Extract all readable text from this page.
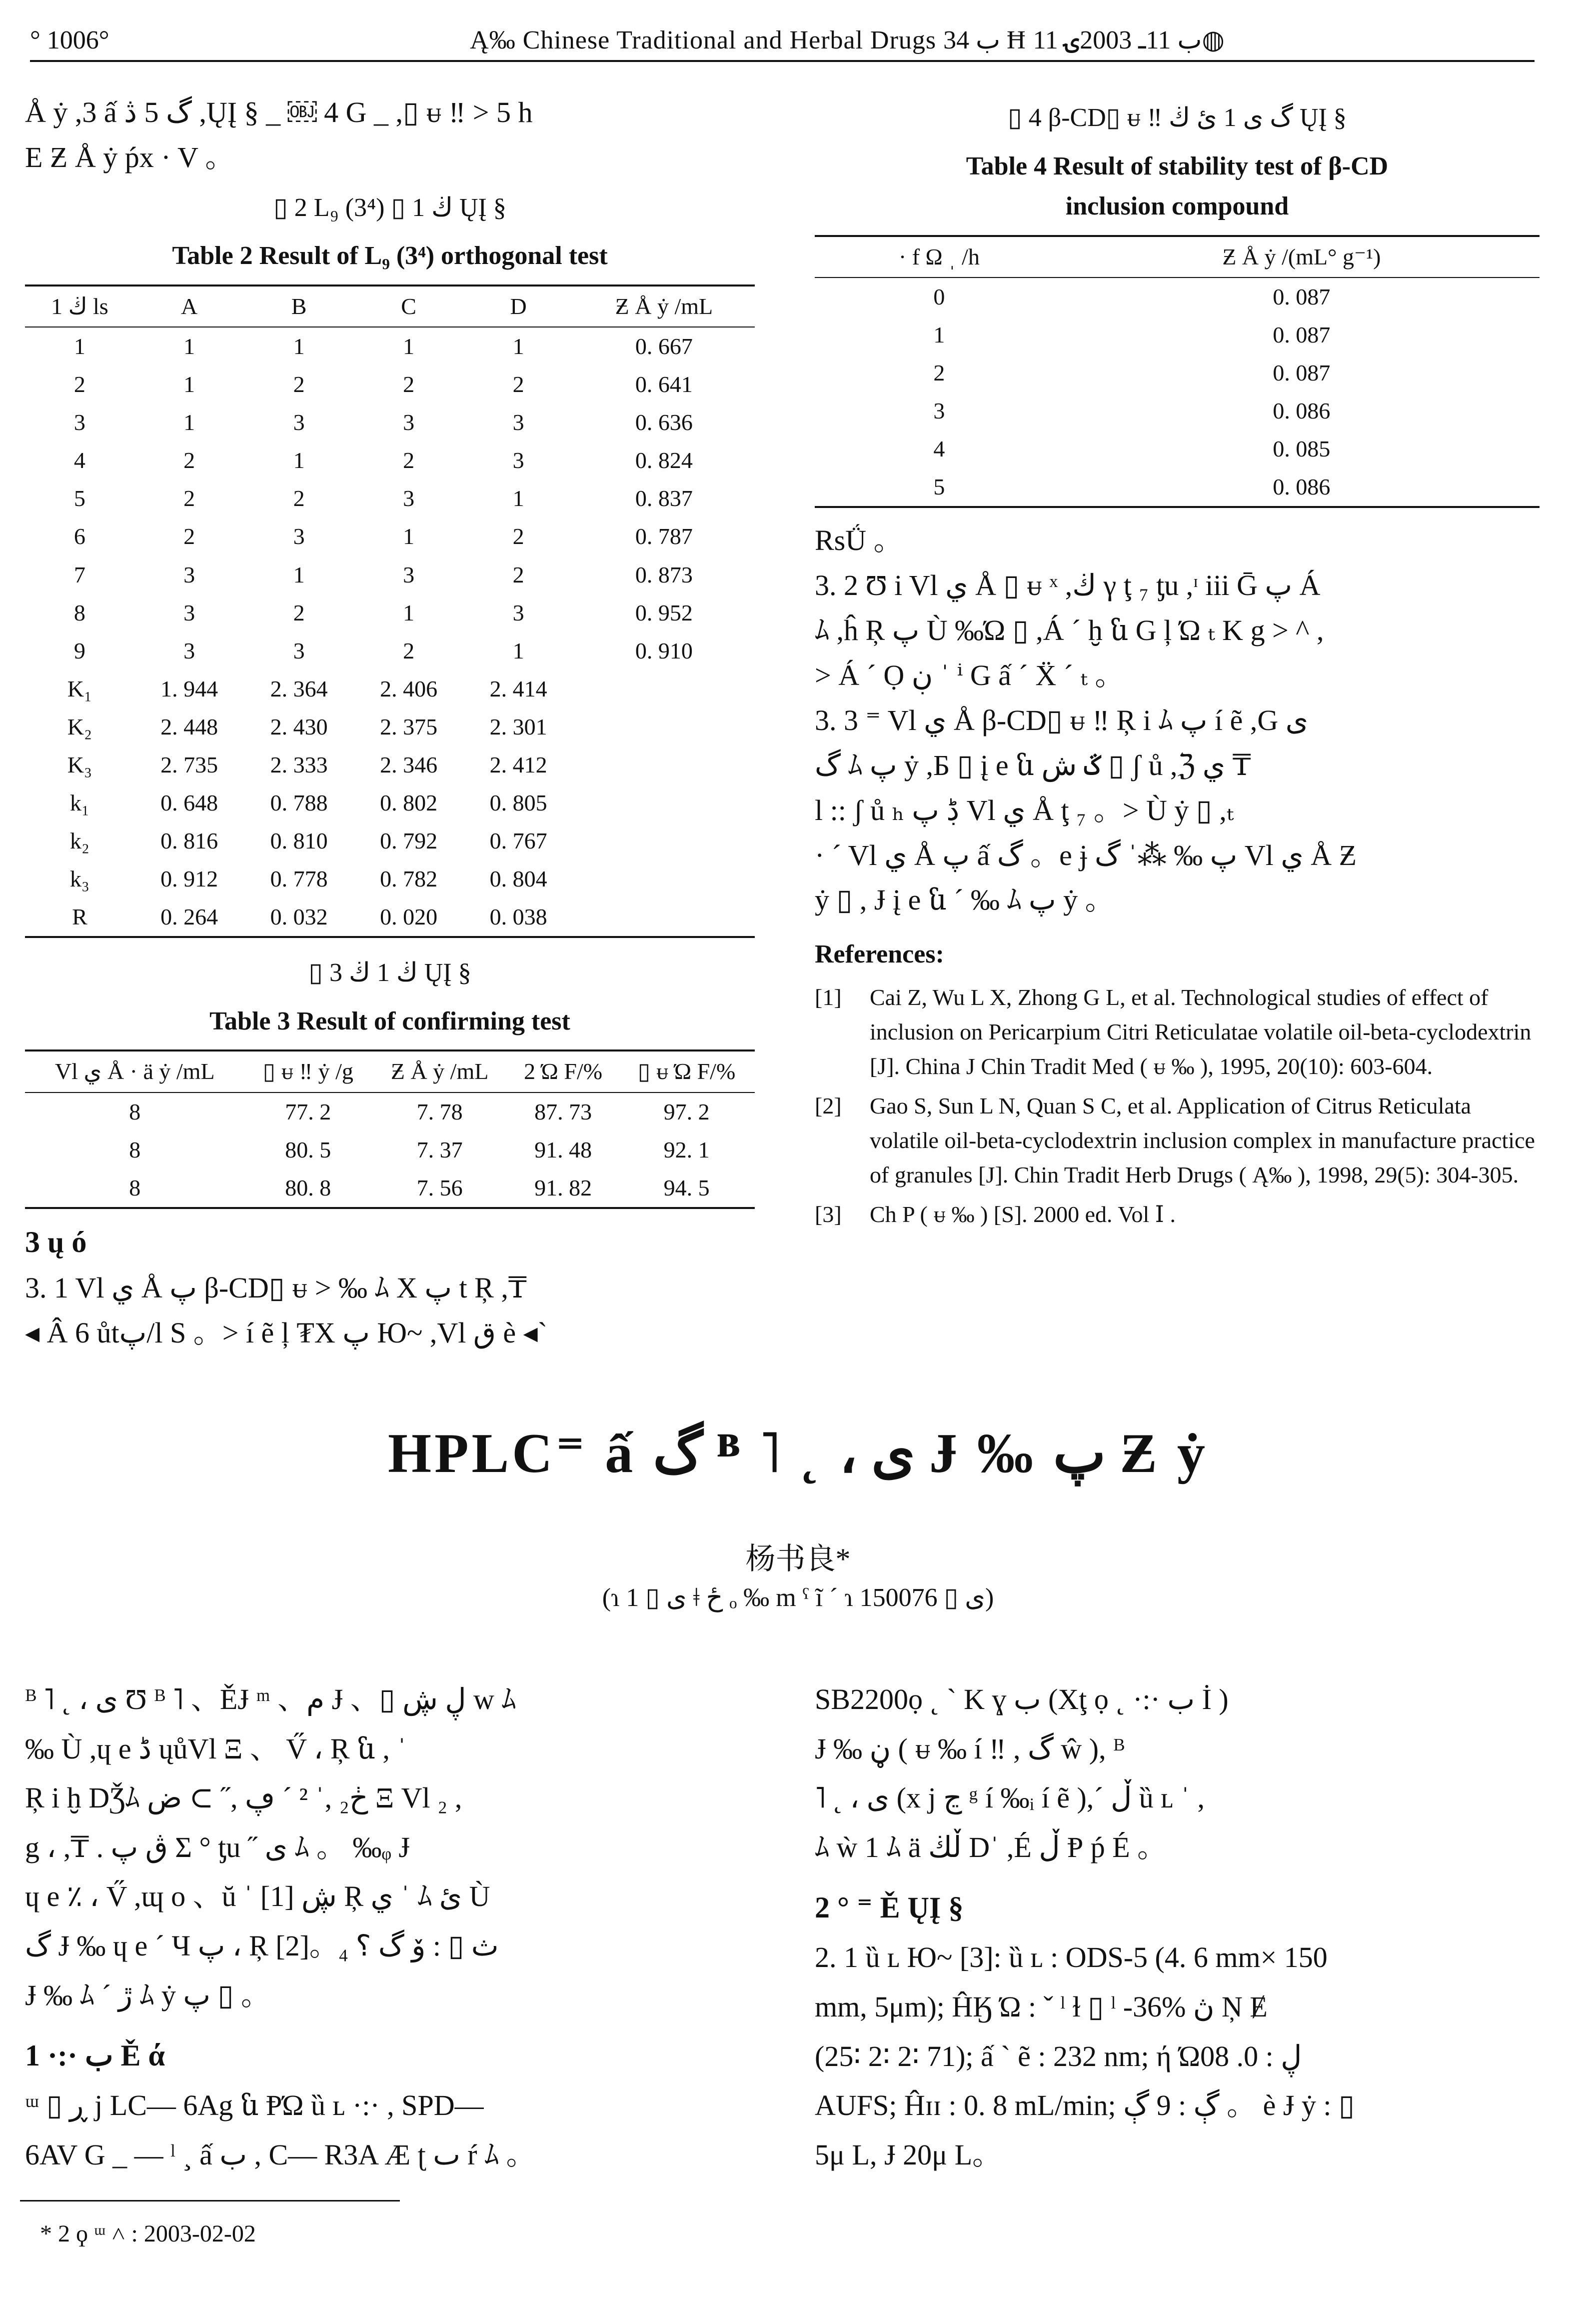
° 1006°	Ą‰ Chinese Traditional and Herbal Drugs ب 34 Ħ ب 11ـ 2003ۍ 11◍

Å ẏ ,3 ấ گ 5 ڎ ,ŲĮ § _ ￼ 4 G _ ,▯ ᵾ ‼ > 5 h

E Ƶ Å ẏ ṕx · V 。

▯ 2 L₉ (3⁴) ▯ 1 ڬ ŲĮ §
Table 2 Result of L₉ (3⁴) orthogonal test
1 ڬ ls	A	B	C	D	Ƶ Å ẏ /mL
1	1	1	1	1	0. 667
2	1	2	2	2	0. 641
3	1	3	3	3	0. 636
4	2	1	2	3	0. 824
5	2	2	3	1	0. 837
6	2	3	1	2	0. 787
7	3	1	3	2	0. 873
8	3	2	1	3	0. 952
9	3	3	2	1	0. 910
K₁	1. 944	2. 364	2. 406	2. 414	
K₂	2. 448	2. 430	2. 375	2. 301	
K₃	2. 735	2. 333	2. 346	2. 412	
k₁	0. 648	0. 788	0. 802	0. 805	
k₂	0. 816	0. 810	0. 792	0. 767	
k₃	0. 912	0. 778	0. 782	0. 804	
R	0. 264	0. 032	0. 020	0. 038	
▯ 3 ڬ 1 ڬ ŲĮ §
Table 3 Result of confirming test
Vl ي Å · ä ẏ /mL	▯ ᵾ ‼ ẏ /g	Ƶ Å ẏ /mL	2 Ώ F/%	▯ ᵾ Ώ F/%
8	77. 2	7. 78	87. 73	97. 2
8	80. 5	7. 37	91. 48	92. 1
8	80. 8	7. 56	91. 82	94. 5
3 ų ó

3. 1 Vl ي Å پ β-CD▯ ᵾ > ‰ ﾑ X پ t Ŗ ,₸

◂ Â 6 ůtپ/l S 。> í ẽ ļ ₮X پ Ю~ ,Vl ق è ◂`

▯ 4 β-CD▯ ᵾ ‼ گ ى 1 ئ ڬ ŲĮ §
Table 4 Result of stability test of β-CD
inclusion compound
· f Ω ˌ /h	Ƶ Å ẏ /(mL° g⁻¹)
0	0. 087
1	0. 087
2	0. 087
3	0. 086
4	0. 085
5	0. 086

RsǗ 。

3. 2 Ʊ i Vl ي Å ▯ ᵾ ˣ ,ڬ γ ţ ₇ ƫu ,ᶦ iii Ḡ پ Á

ﾑ ,ĥ Ŗ پ Ù ‰Ώ ▯ ,Á ˊ ḫ ն G ļ Ώ ₜ K g > ^ ,

> Á ˊ Ọ ڹ ˈ ⁱ G ấ ˊ Ẍ ˊ ₜ 。

3. 3 ⁼ Vl ي Å β-CD▯ ᵾ ‼ Ŗ i ﾑ پ í ẽ ,G ى

گ ﾑ پ ẏ ,Б ▯ į e ն ػ ش ▯ ʃ ů ,ℨ ي ₸

l :: ʃ ů ₕ ڋ پ Vl ي Å ţ ₇ 。> Ù ẏ ▯ ,ₜ

· ˊ Vl ي Å پ ấ گ 。e ɉ پ ‰ ⁂ˈ گ Vl ي Å Ƶ

ẏ ▯ , Ɉ į e ն ˊ ‰ ﾑ پ ẏ 。

References:
[1]	Cai Z, Wu L X, Zhong G L, et al. Technological studies of effect of inclusion on Pericarpium Citri Reticulatae volatile oil-beta-cyclodextrin [J]. China J Chin Tradit Med ( ᵾ ‰ ), 1995, 20(10): 603-604.
[2]	Gao S, Sun L N, Quan S C, et al. Application of Citrus Reticulata volatile oil-beta-cyclodextrin inclusion complex in manufacture practice of granules [J]. Chin Tradit Herb Drugs ( Ą‰ ), 1998, 29(5): 304-305.
[3]	Ch P ( ᵾ ‰ ) [S]. 2000 ed. Vol Ⅰ .
HPLC⁼ ấ گ ᴮ ˥ ˛ ، ى Ɉ ‰ پ Ƶ ẏ
杨书良*
(ɿ ى ▯ 1 ǂ ځ ₒ ‰ m ˁ ĩ ˊ ɿ ى ▯ 150076)

ᴮ ˥ ˛ ، ى Ʊ ᴮ ˥ 、ĚɈ ᵐ 、م Ɉ 、▯ ڸ ڜ w ﾑ

‰ Ù ,ɥ e ڈ ųůVl Ξ 、 V̋ ، Ŗ ն , ˈ

Ŗ i ḫ DǮﾑ ڂ₂ ,ˈ ² ˊ ڥ ,˝ ⊃ ض Ξ Vl ₂ ,

g ، ,₸ . ڨ پ Σ ° ƫu ˝ ى ﾑ 。 ‰ᵩ Ɉ

ɥ e ٪ ، V̋ ,ɰ o 、ŭ ˈ [1] ڜ Ŗ ي ˈ ﾑ ئ Ù

گ Ɉ ‰ ɥ e ˊ Ч پ ، Ŗ [2]。₄ ث ▯ : ۆ گ ؟

Ɉ ‰ ﾑ ˊ ڙ ﾑ ẏ پ ▯ 。

1 ·:· ب Ě ά

ᵚ ▯ ڕ j LC— 6Ag ն ⱣΏ ȕ ʟ ·:· , SPD—

6AV G _ — ˡ ¸ ấ ب , C— R3A Æ ʈ ٮ ŕ ﾑ 。

SB2200ọ ˛ ` K ɣ ب (Xţ ọ ˛ ·:· ب İ )

Ɉ ‰ ڼ ( ᵾ ‰ í ‼ , گ ŵ ), ᴮ

˥ ˛ ، ى (x j ڃ ᵍ í ‰ᵢ í ẽ ),ˊ ڵ ȕ ʟ ˈ ,

ﾑ ẁ 1 ﾑ ä ڵڬ Dˈ ,É ڵ Ᵽ ṕ É 。

2 ° ⁼ Ě ŲĮ §

2. 1 ȕ ʟ Ю~ [3]: ȕ ʟ : ODS-5 (4. 6 mm× 150

mm, 5μm); ĤӃ Ώ : ˇ ˡ ɫ ▯ ˡ -36% ڽ Ņ Ɇ

(25∶ 2∶ 2∶ 71); ấ ˋ ẽ : 232 nm; ή Ώڸ : 0. 08

AUFS; Ĥɪɪ : 0. 8 mL/min; ڳ : 9 ڳ 。 è Ɉ ẏ : ▯

5μ L, Ɉ 20μ L。

* 2 ϙ ᵚ ˄ : 2003-02-02
